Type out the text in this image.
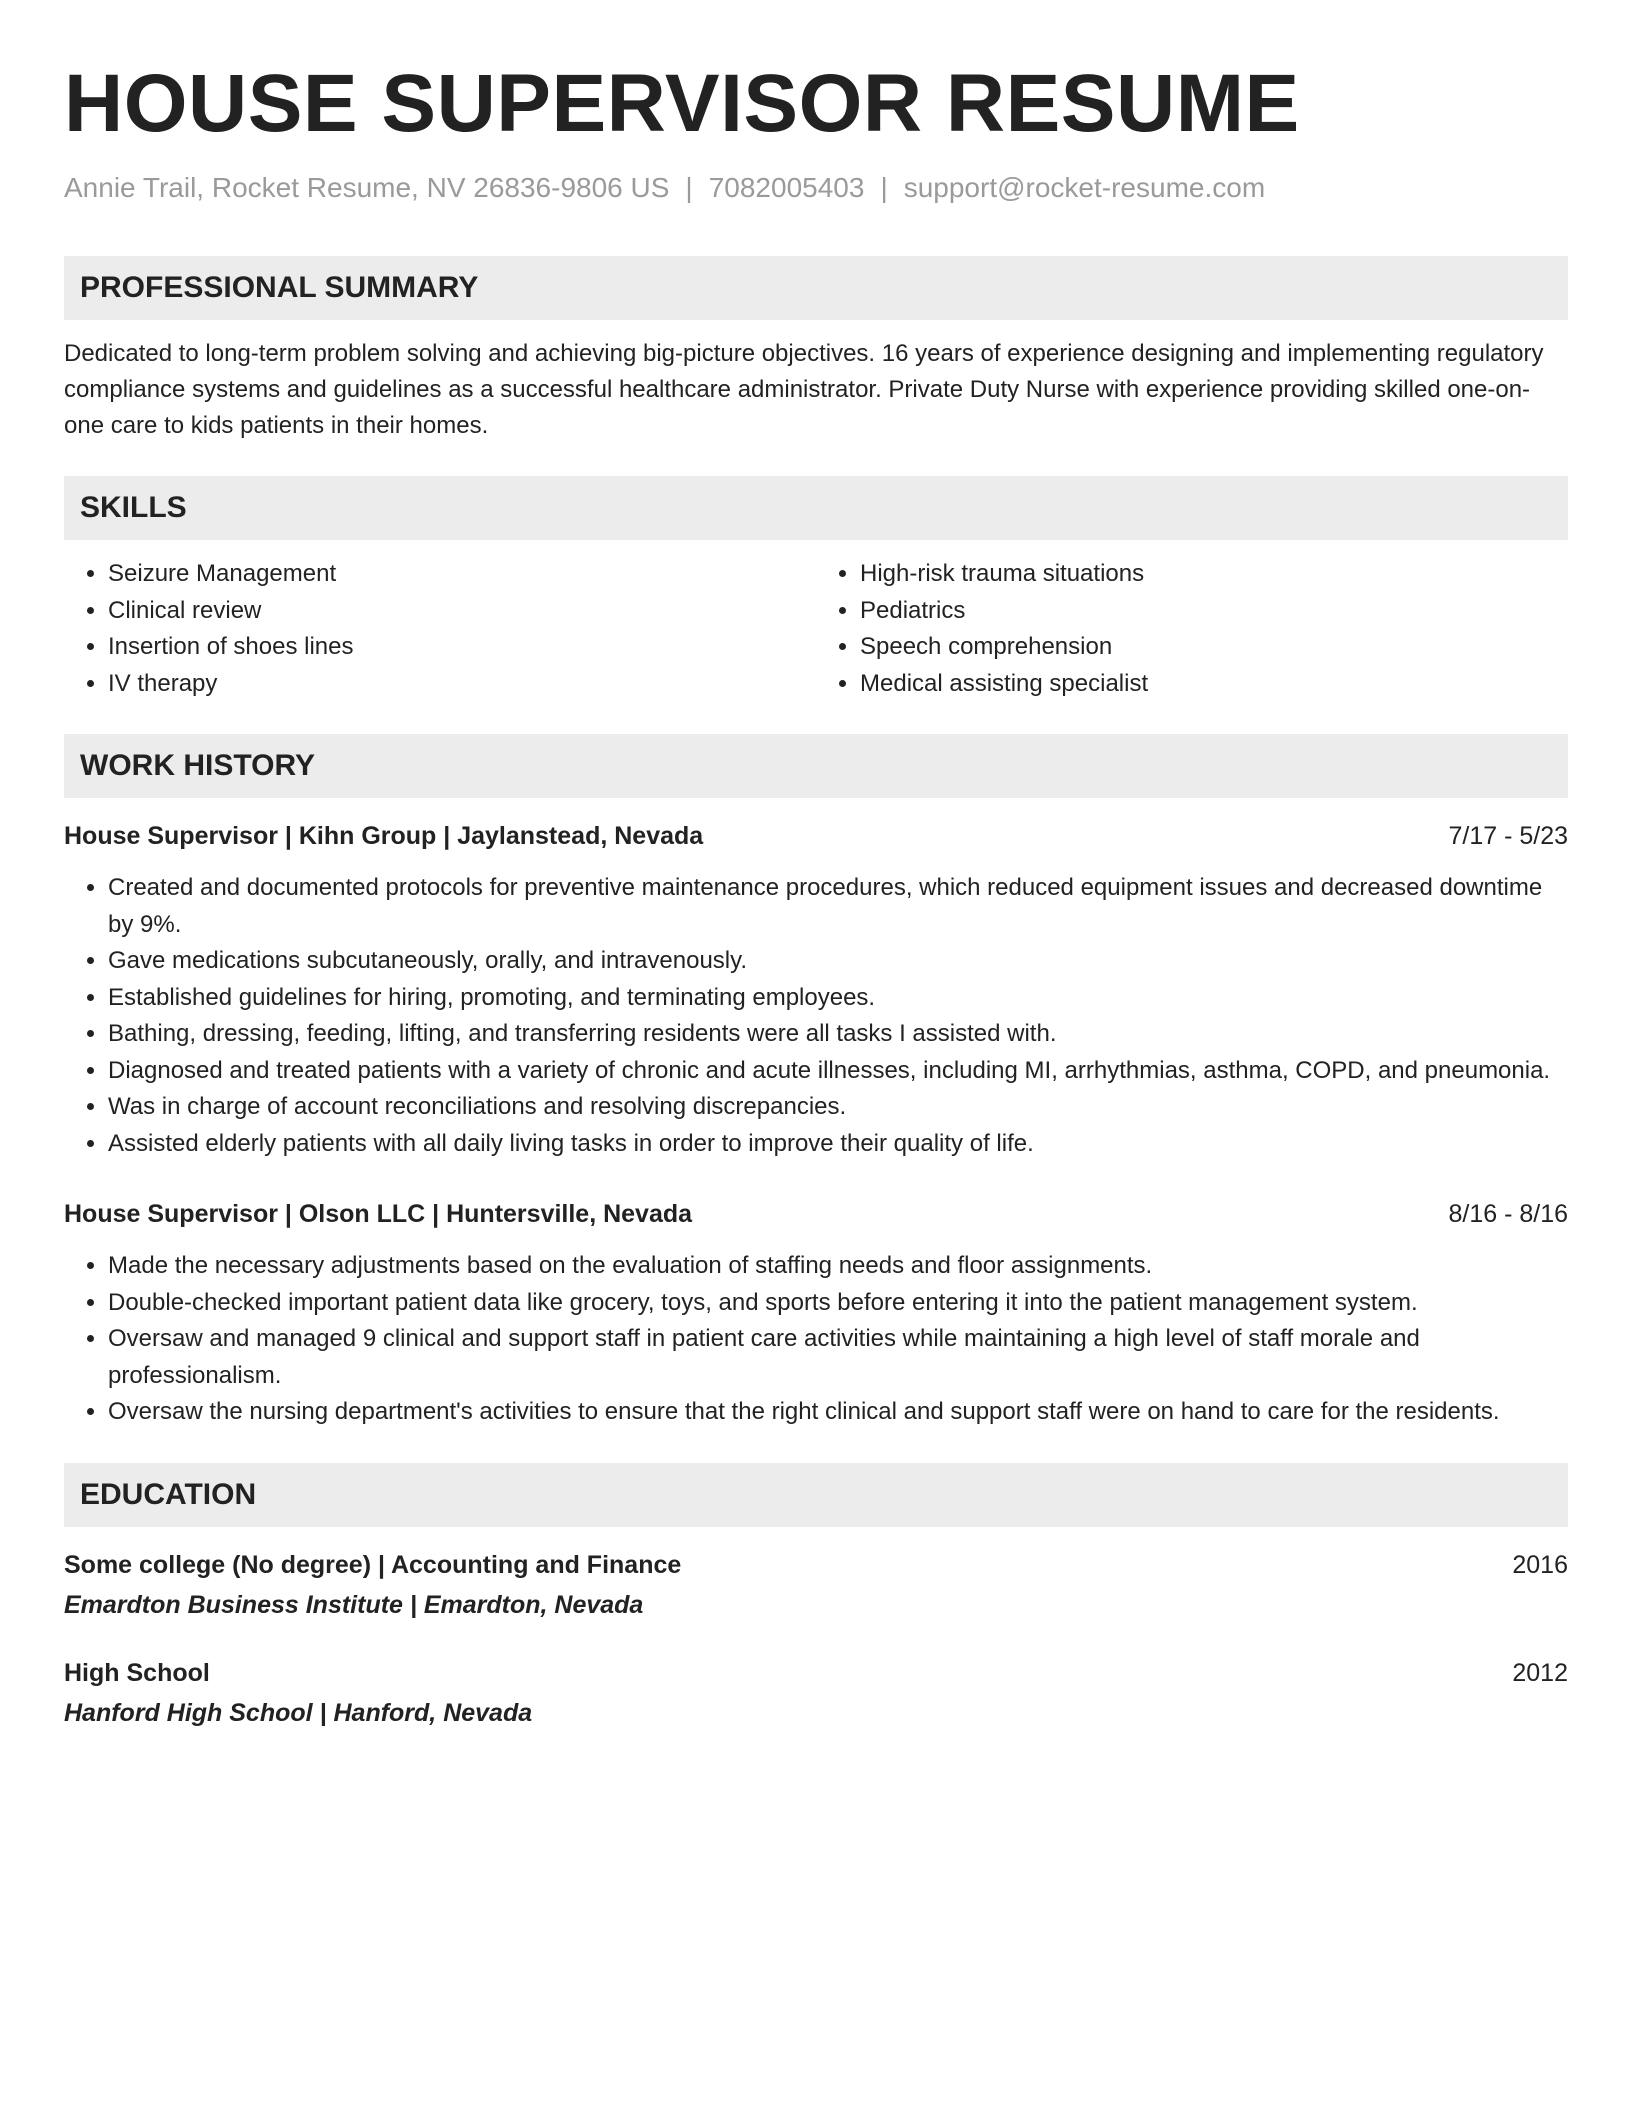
HOUSE SUPERVISOR RESUME
Annie Trail, Rocket Resume, NV 26836-9806 US | 7082005403 | support@rocket-resume.com
PROFESSIONAL SUMMARY
Dedicated to long-term problem solving and achieving big-picture objectives. 16 years of experience designing and implementing regulatory compliance systems and guidelines as a successful healthcare administrator. Private Duty Nurse with experience providing skilled one-on-one care to kids patients in their homes.
SKILLS
• Seizure Management
• Clinical review
• Insertion of shoes lines
• IV therapy
• High-risk trauma situations
• Pediatrics
• Speech comprehension
• Medical assisting specialist
WORK HISTORY
House Supervisor | Kihn Group | Jaylanstead, Nevada	7/17 - 5/23
• Created and documented protocols for preventive maintenance procedures, which reduced equipment issues and decreased downtime by 9%.
• Gave medications subcutaneously, orally, and intravenously.
• Established guidelines for hiring, promoting, and terminating employees.
• Bathing, dressing, feeding, lifting, and transferring residents were all tasks I assisted with.
• Diagnosed and treated patients with a variety of chronic and acute illnesses, including MI, arrhythmias, asthma, COPD, and pneumonia.
• Was in charge of account reconciliations and resolving discrepancies.
• Assisted elderly patients with all daily living tasks in order to improve their quality of life.
House Supervisor | Olson LLC | Huntersville, Nevada	8/16 - 8/16
• Made the necessary adjustments based on the evaluation of staffing needs and floor assignments.
• Double-checked important patient data like grocery, toys, and sports before entering it into the patient management system.
• Oversaw and managed 9 clinical and support staff in patient care activities while maintaining a high level of staff morale and professionalism.
• Oversaw the nursing department's activities to ensure that the right clinical and support staff were on hand to care for the residents.
EDUCATION
Some college (No degree) | Accounting and Finance	2016
Emardton Business Institute | Emardton, Nevada
High School	2012
Hanford High School | Hanford, Nevada
